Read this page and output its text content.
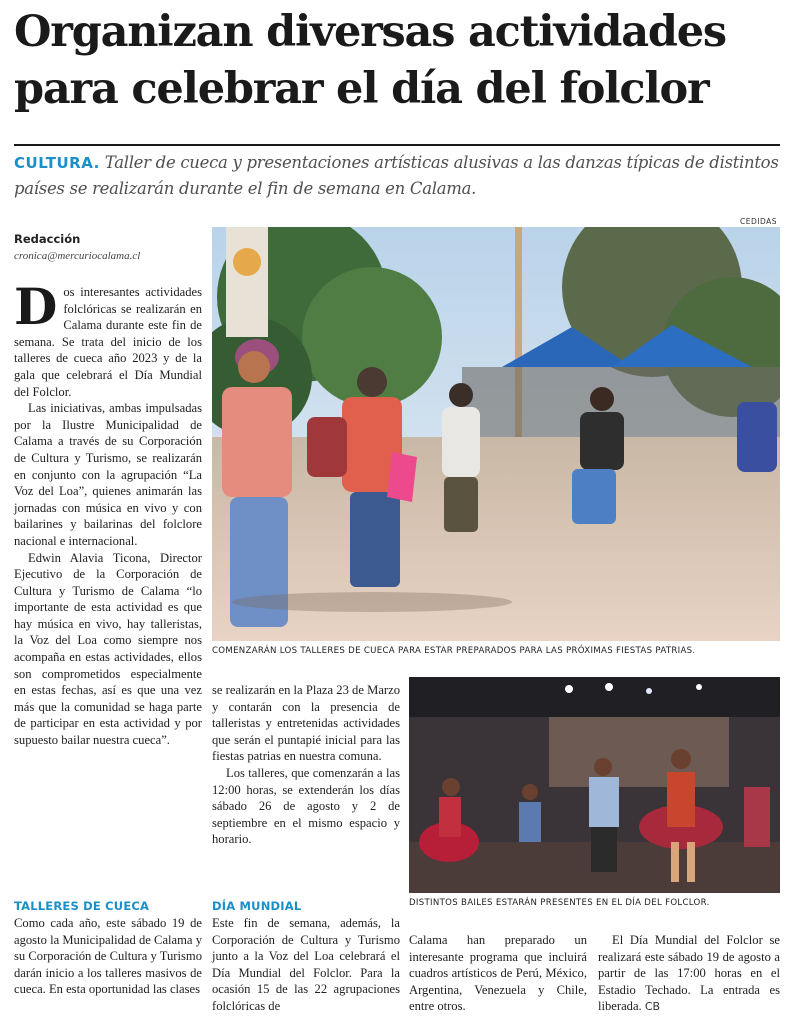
Organizan diversas actividades
para celebrar el día del folclor
CULTURA. Taller de cueca y presentaciones artísticas alusivas a las danzas típicas de distintos países se realizarán durante el fin de semana en Calama.
CEDIDAS
Redacción
cronica@mercuriocalama.cl

Dos interesantes actividades folclóricas se realizarán en Calama durante este fin de semana. Se trata del inicio de los talleres de cueca año 2023 y de la gala que celebrará el Día Mundial del Folclor.

Las iniciativas, ambas impulsadas por la Ilustre Municipalidad de Calama a través de su Corporación de Cultura y Turismo, se realizarán en conjunto con la agrupación “La Voz del Loa”, quienes animarán las jornadas con música en vivo y con bailarines y bailarinas del folclore nacional e internacional.

Edwin Alavia Ticona, Director Ejecutivo de la Corporación de Cultura y Turismo de Calama “lo importante de esta actividad es que hay música en vivo, hay talleristas, la Voz del Loa como siempre nos acompaña en estas actividades, ellos son comprometidos especialmente en estas fechas, así es que una vez más que la comunidad se haga parte de participar en esta actividad y por supuesto bailar nuestra cueca”.

COMENZARÁN LOS TALLERES DE CUECA PARA ESTAR PREPARADOS PARA LAS PRÓXIMAS FIESTAS PATRIAS.

se realizarán en la Plaza 23 de Marzo y contarán con la presencia de talleristas y entretenidas actividades que serán el puntapié inicial para las fiestas patrias en nuestra comuna.

Los talleres, que comenzarán a las 12:00 horas, se extenderán los días sábado 26 de agosto y 2 de septiembre en el mismo espacio y horario.

DISTINTOS BAILES ESTARÁN PRESENTES EN EL DÍA DEL FOLCLOR.
TALLERES DE CUECA

Como cada año, este sábado 19 de agosto la Municipalidad de Calama y su Corporación de Cultura y Turismo darán inicio a los talleres masivos de cueca. En esta oportunidad las clases

DÍA MUNDIAL

Este fin de semana, además, la Corporación de Cultura y Turismo junto a la Voz del Loa celebrará el Día Mundial del Folclor. Para la ocasión 15 de las 22 agrupaciones folclóricas de

Calama han preparado un interesante programa que incluirá cuadros artísticos de Perú, México, Argentina, Venezuela y Chile, entre otros.

El Día Mundial del Folclor se realizará este sábado 19 de agosto a partir de las 17:00 horas en el Estadio Techado. La entrada es liberada. CB
